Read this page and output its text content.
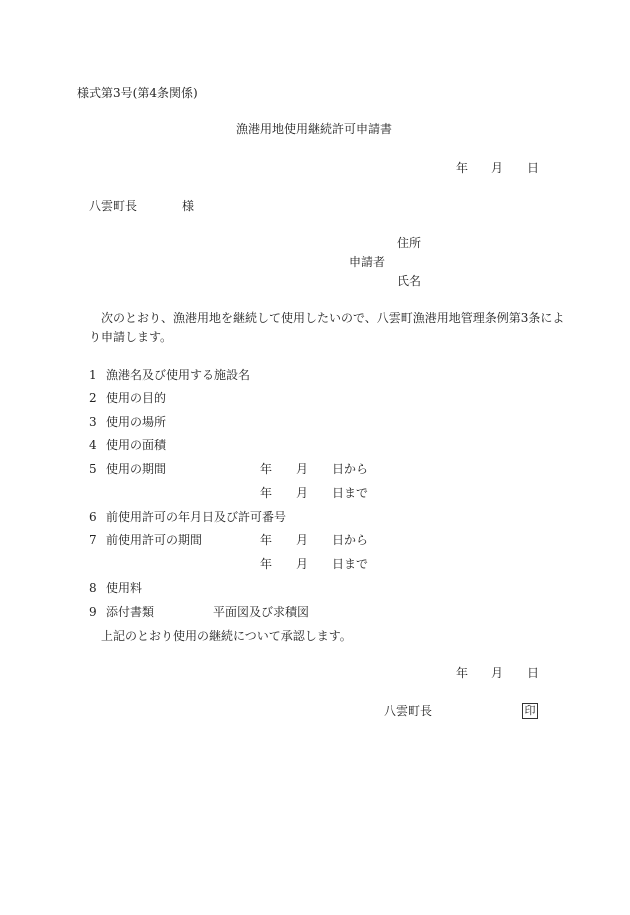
様式第3号(第4条関係)
漁港用地使用継続許可申請書
年 月 日
八雲町長	様
住所
申請者
氏名
次のとおり、漁港用地を継続して使用したいので、八雲町漁港用地管理条例第3条によ
り申請します。
1 漁港名及び使用する施設名
2 使用の目的
3 使用の場所
4 使用の面積
5 使用の期間	年 月 日から
年 月 日まで
6 前使用許可の年月日及び許可番号
7 前使用許可の期間	年 月 日から
年 月 日まで
8 使用料
9 添付書類	平面図及び求積図
上記のとおり使用の継続について承認します。
年 月 日
八雲町長	印
